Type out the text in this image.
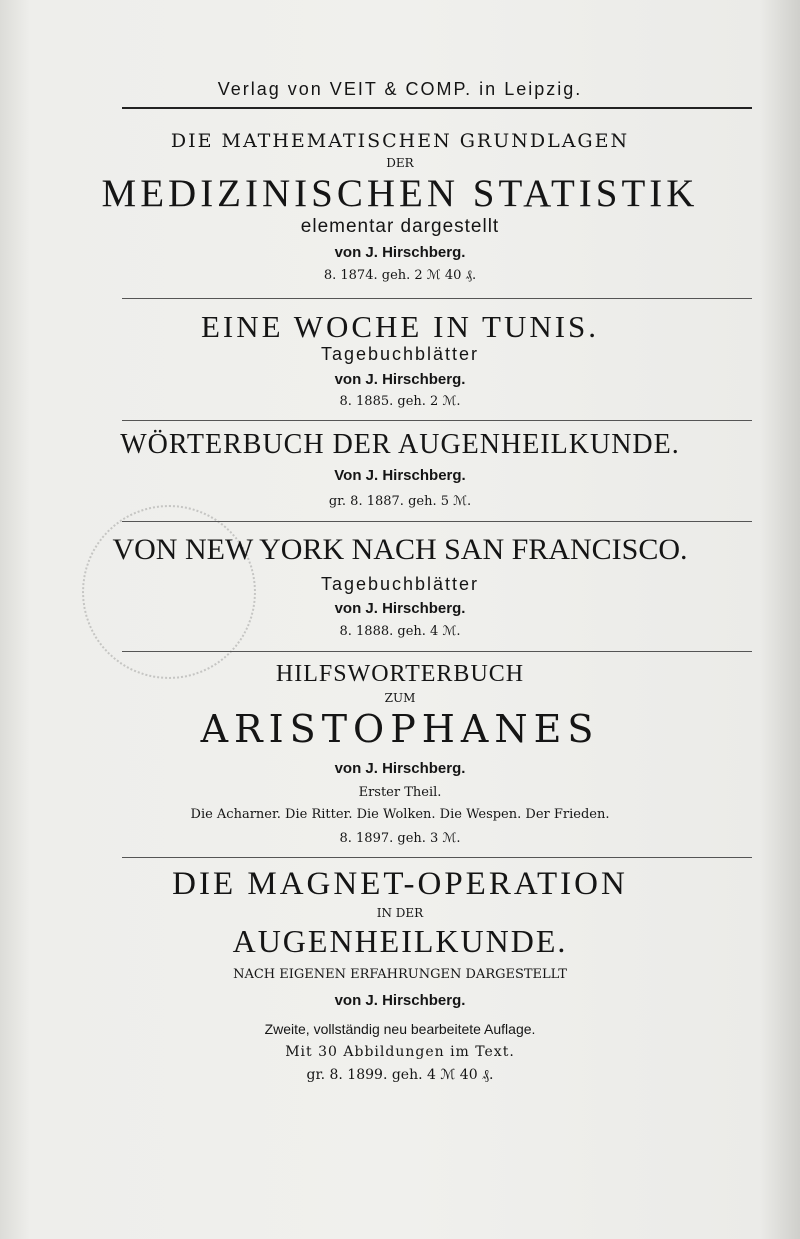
Verlag von VEIT & COMP. in Leipzig.
DIE MATHEMATISCHEN GRUNDLAGEN
DER
MEDIZINISCHEN STATISTIK
elementar dargestellt
von J. Hirschberg.
8. 1874. geh. 2 ℳ 40 ₰.
EINE WOCHE IN TUNIS.
Tagebuchblätter
von J. Hirschberg.
8. 1885. geh. 2 ℳ.
WÖRTERBUCH DER AUGENHEILKUNDE.
Von J. Hirschberg.
gr. 8. 1887. geh. 5 ℳ.
VON NEW YORK NACH SAN FRANCISCO.
Tagebuchblätter
von J. Hirschberg.
8. 1888. geh. 4 ℳ.
HILFSWORTERBUCH
ZUM
ARISTOPHANES
von J. Hirschberg.
Erster Theil.
Die Acharner. Die Ritter. Die Wolken. Die Wespen. Der Frieden.
8. 1897. geh. 3 ℳ.
DIE MAGNET-OPERATION
IN DER
AUGENHEILKUNDE.
NACH EIGENEN ERFAHRUNGEN DARGESTELLT
von J. Hirschberg.
Zweite, vollständig neu bearbeitete Auflage.
Mit 30 Abbildungen im Text.
gr. 8. 1899. geh. 4 ℳ 40 ₰.
